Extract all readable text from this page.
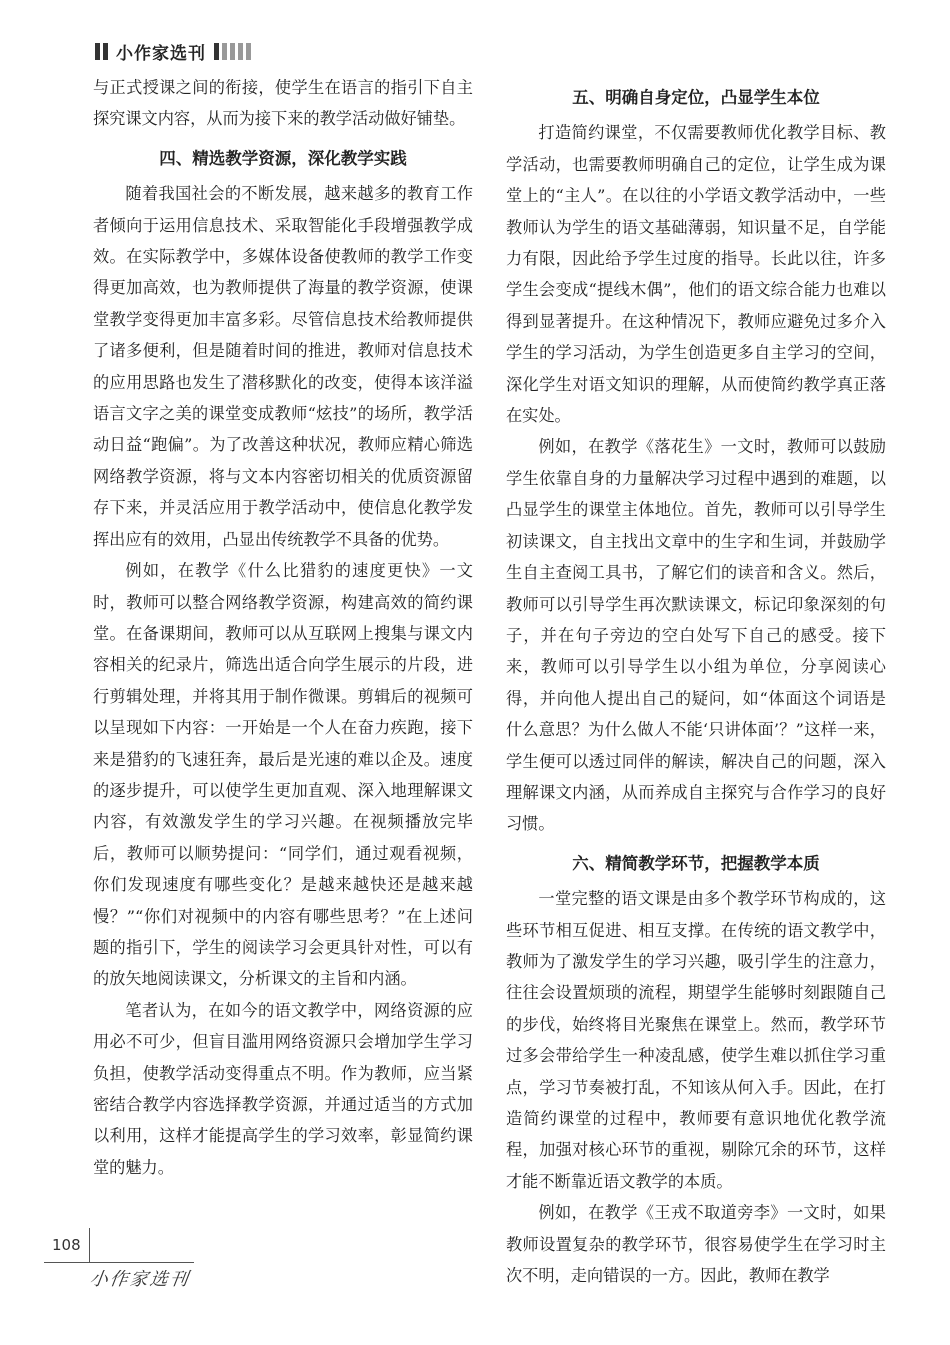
小作家选刊

与正式授课之间的衔接，使学生在语言的指引下自主探究课文内容，从而为接下来的教学活动做好铺垫。

四、精选教学资源，深化教学实践

随着我国社会的不断发展，越来越多的教育工作者倾向于运用信息技术、采取智能化手段增强教学成效。在实际教学中，多媒体设备使教师的教学工作变得更加高效，也为教师提供了海量的教学资源，使课堂教学变得更加丰富多彩。尽管信息技术给教师提供了诸多便利，但是随着时间的推进，教师对信息技术的应用思路也发生了潜移默化的改变，使得本该洋溢语言文字之美的课堂变成教师“炫技”的场所，教学活动日益“跑偏”。为了改善这种状况，教师应精心筛选网络教学资源，将与文本内容密切相关的优质资源留存下来，并灵活应用于教学活动中，使信息化教学发挥出应有的效用，凸显出传统教学不具备的优势。

例如，在教学《什么比猎豹的速度更快》一文时，教师可以整合网络教学资源，构建高效的简约课堂。在备课期间，教师可以从互联网上搜集与课文内容相关的纪录片，筛选出适合向学生展示的片段，进行剪辑处理，并将其用于制作微课。剪辑后的视频可以呈现如下内容：一开始是一个人在奋力疾跑，接下来是猎豹的飞速狂奔，最后是光速的难以企及。速度的逐步提升，可以使学生更加直观、深入地理解课文内容，有效激发学生的学习兴趣。在视频播放完毕后，教师可以顺势提问：“同学们，通过观看视频，你们发现速度有哪些变化？是越来越快还是越来越慢？”“你们对视频中的内容有哪些思考？”在上述问题的指引下，学生的阅读学习会更具针对性，可以有的放矢地阅读课文，分析课文的主旨和内涵。

笔者认为，在如今的语文教学中，网络资源的应用必不可少，但盲目滥用网络资源只会增加学生学习负担，使教学活动变得重点不明。作为教师，应当紧密结合教学内容选择教学资源，并通过适当的方式加以利用，这样才能提高学生的学习效率，彰显简约课堂的魅力。

五、明确自身定位，凸显学生本位

打造简约课堂，不仅需要教师优化教学目标、教学活动，也需要教师明确自己的定位，让学生成为课堂上的“主人”。在以往的小学语文教学活动中，一些教师认为学生的语文基础薄弱，知识量不足，自学能力有限，因此给予学生过度的指导。长此以往，许多学生会变成“提线木偶”，他们的语文综合能力也难以得到显著提升。在这种情况下，教师应避免过多介入学生的学习活动，为学生创造更多自主学习的空间，深化学生对语文知识的理解，从而使简约教学真正落在实处。

例如，在教学《落花生》一文时，教师可以鼓励学生依靠自身的力量解决学习过程中遇到的难题，以凸显学生的课堂主体地位。首先，教师可以引导学生初读课文，自主找出文章中的生字和生词，并鼓励学生自主查阅工具书，了解它们的读音和含义。然后，教师可以引导学生再次默读课文，标记印象深刻的句子，并在句子旁边的空白处写下自己的感受。接下来，教师可以引导学生以小组为单位，分享阅读心得，并向他人提出自己的疑问，如“体面这个词语是什么意思？为什么做人不能‘只讲体面’？”这样一来，学生便可以透过同伴的解读，解决自己的问题，深入理解课文内涵，从而养成自主探究与合作学习的良好习惯。

六、精简教学环节，把握教学本质

一堂完整的语文课是由多个教学环节构成的，这些环节相互促进、相互支撑。在传统的语文教学中，教师为了激发学生的学习兴趣，吸引学生的注意力，往往会设置烦琐的流程，期望学生能够时刻跟随自己的步伐，始终将目光聚焦在课堂上。然而，教学环节过多会带给学生一种凌乱感，使学生难以抓住学习重点，学习节奏被打乱，不知该从何入手。因此，在打造简约课堂的过程中，教师要有意识地优化教学流程，加强对核心环节的重视，剔除冗余的环节，这样才能不断靠近语文教学的本质。

例如，在教学《王戎不取道旁李》一文时，如果教师设置复杂的教学环节，很容易使学生在学习时主次不明，走向错误的一方。因此，教师在教学

108
小作家选刊
